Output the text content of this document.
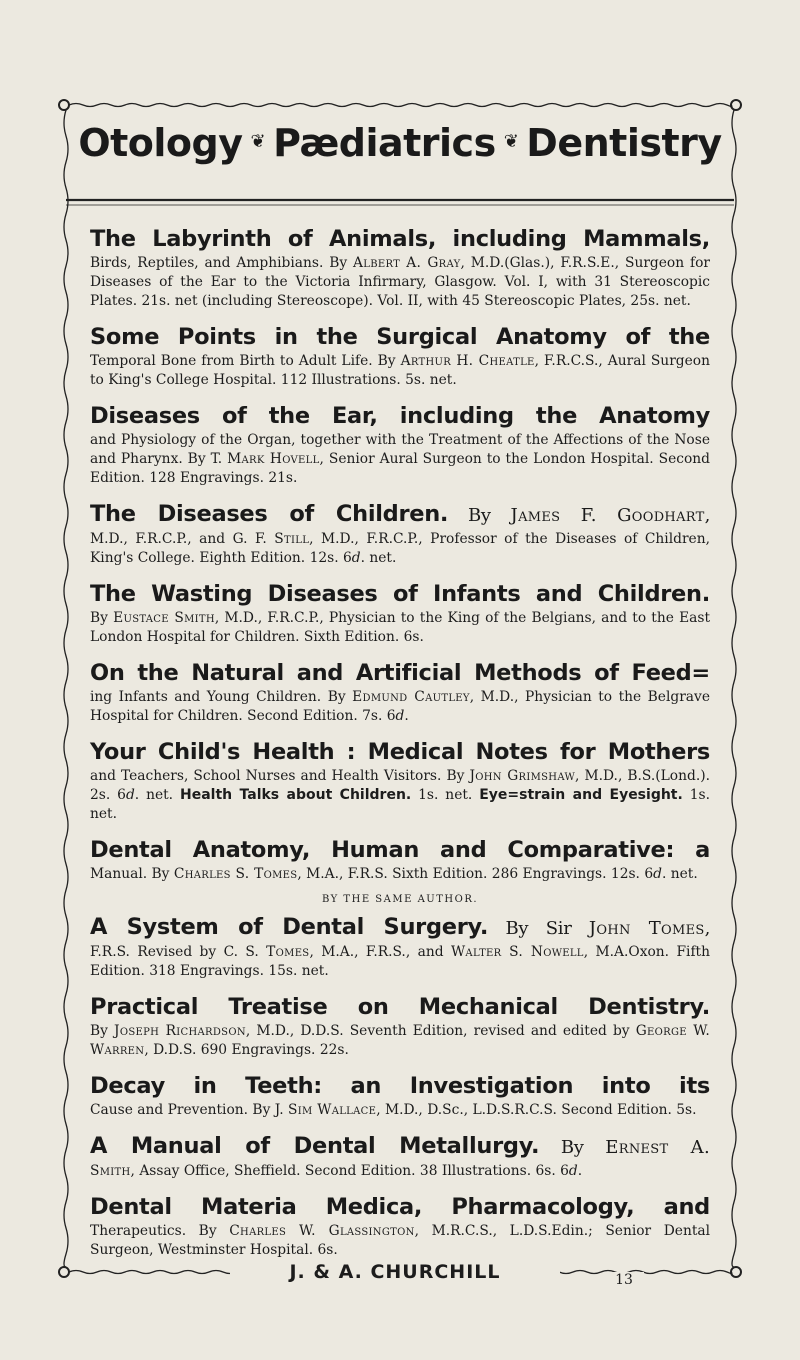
Otology ❦ Pædiatrics ❦ Dentistry
The Labyrinth of Animals, including Mammals,
Birds, Reptiles, and Amphibians. By Albert A. Gray, M.D.(Glas.), F.R.S.E., Surgeon for Diseases of the Ear to the Victoria Infirmary, Glasgow. Vol. I, with 31 Stereoscopic Plates. 21s. net (including Stereoscope). Vol. II, with 45 Stereoscopic Plates, 25s. net.
Some Points in the Surgical Anatomy of the
Temporal Bone from Birth to Adult Life. By Arthur H. Cheatle, F.R.C.S., Aural Surgeon to King's College Hospital. 112 Illustrations. 5s. net.
Diseases of the Ear, including the Anatomy
and Physiology of the Organ, together with the Treatment of the Affections of the Nose and Pharynx. By T. Mark Hovell, Senior Aural Surgeon to the London Hospital. Second Edition. 128 Engravings. 21s.
The Diseases of Children. By James F. Goodhart,
M.D., F.R.C.P., and G. F. Still, M.D., F.R.C.P., Professor of the Diseases of Children, King's College. Eighth Edition. 12s. 6d. net.
The Wasting Diseases of Infants and Children.
By Eustace Smith, M.D., F.R.C.P., Physician to the King of the Belgians, and to the East London Hospital for Children. Sixth Edition. 6s.
On the Natural and Artificial Methods of Feed=
ing Infants and Young Children. By Edmund Cautley, M.D., Physician to the Belgrave Hospital for Children. Second Edition. 7s. 6d.
Your Child's Health : Medical Notes for Mothers
and Teachers, School Nurses and Health Visitors. By John Grimshaw, M.D., B.S.(Lond.). 2s. 6d. net. Health Talks about Children. 1s. net. Eye=strain and Eyesight. 1s. net.
Dental Anatomy, Human and Comparative: a
Manual. By Charles S. Tomes, M.A., F.R.S. Sixth Edition. 286 Engravings. 12s. 6d. net.
BY THE SAME AUTHOR.
A System of Dental Surgery. By Sir John Tomes,
F.R.S. Revised by C. S. Tomes, M.A., F.R.S., and Walter S. Nowell, M.A.Oxon. Fifth Edition. 318 Engravings. 15s. net.
Practical Treatise on Mechanical Dentistry.
By Joseph Richardson, M.D., D.D.S. Seventh Edition, revised and edited by George W. Warren, D.D.S. 690 Engravings. 22s.
Decay in Teeth: an Investigation into its
Cause and Prevention. By J. Sim Wallace, M.D., D.Sc., L.D.S.R.C.S. Second Edition. 5s.
A Manual of Dental Metallurgy. By Ernest A.
Smith, Assay Office, Sheffield. Second Edition. 38 Illustrations. 6s. 6d.
Dental Materia Medica, Pharmacology, and
Therapeutics. By Charles W. Glassington, M.R.C.S., L.D.S.Edin.; Senior Dental Surgeon, Westminster Hospital. 6s.
J. & A. CHURCHILL	13
